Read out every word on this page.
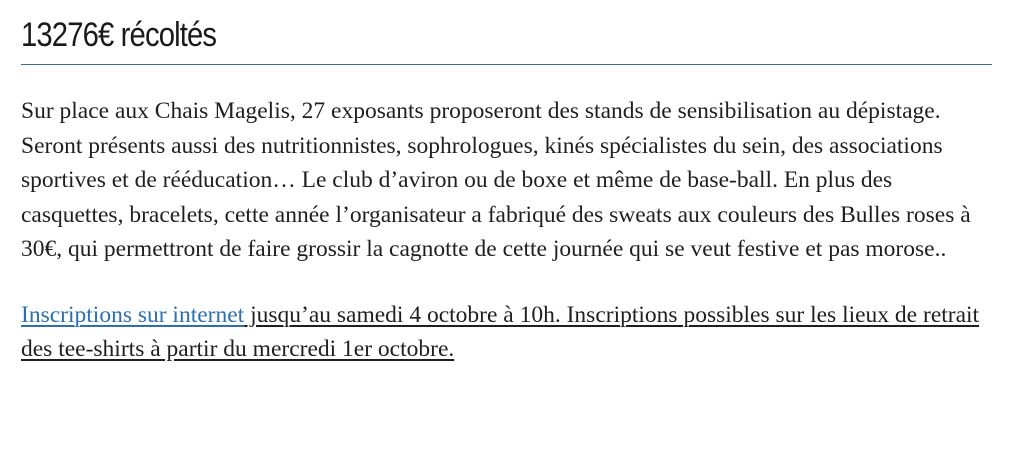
13276€ récoltés

Sur place aux Chais Magelis, 27 exposants proposeront des stands de sensibilisation au dépistage. Seront présents aussi des nutritionnistes, sophrologues, kinés spécialistes du sein, des associations sportives et de rééducation… Le club d’aviron ou de boxe et même de base-ball. En plus des casquettes, bracelets, cette année l’organisateur a fabriqué des sweats aux couleurs des Bulles roses à 30€, qui permettront de faire grossir la cagnotte de cette journée qui se veut festive et pas morose..

Inscriptions sur internet jusqu’au samedi 4 octobre à 10h. Inscriptions possibles sur les lieux de retrait des tee-shirts à partir du mercredi 1er octobre.
